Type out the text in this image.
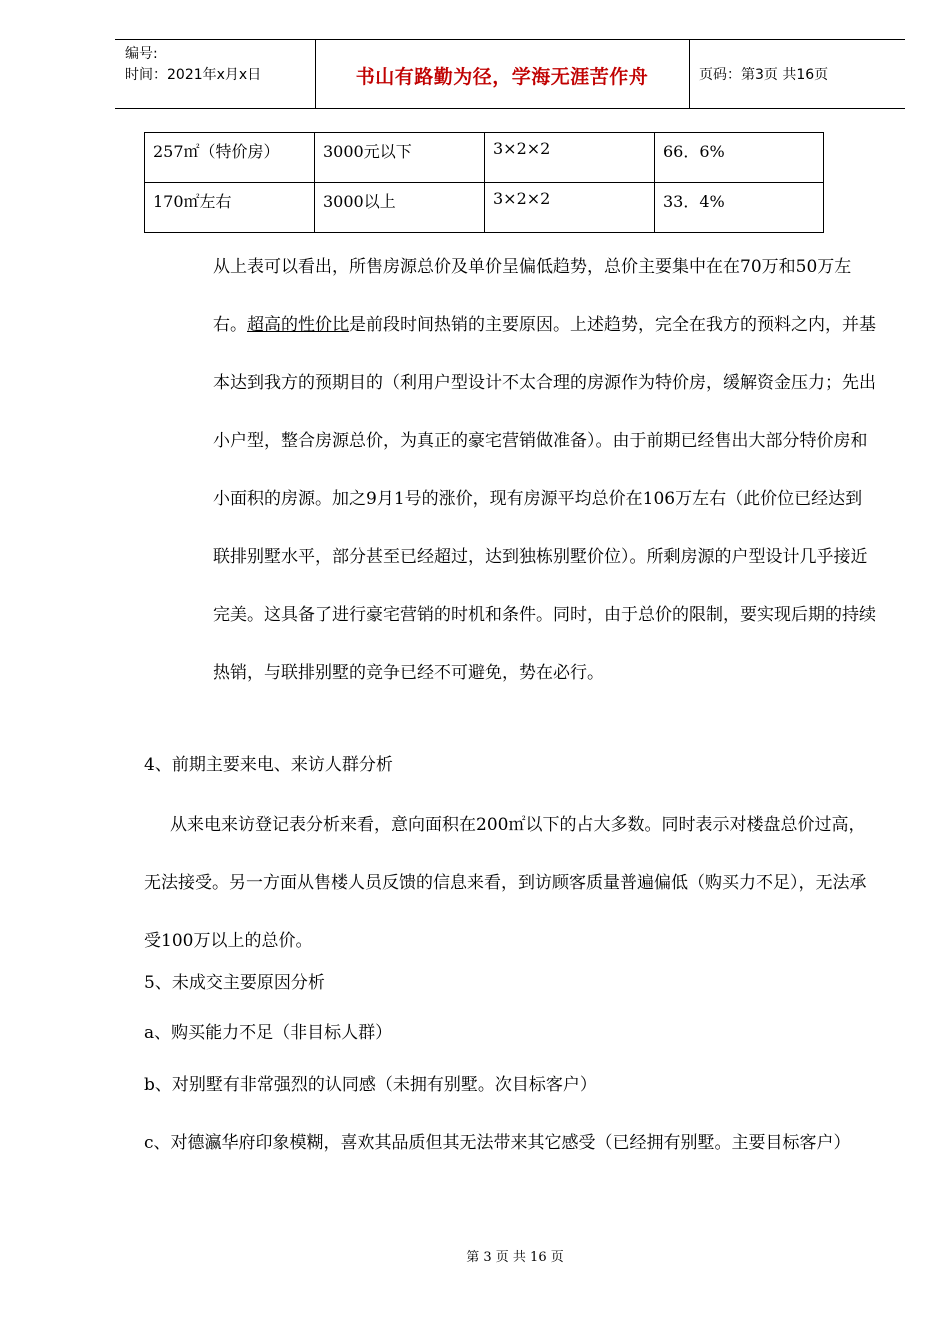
编号:
时间：2021年x月x日	书山有路勤为径，学海无涯苦作舟	页码：第3页 共16页
257㎡（特价房）	3000元以下	3×2×2	66．6%
170㎡左右	3000以上	3×2×2	33．4%

从上表可以看出，所售房源总价及单价呈偏低趋势，总价主要集中在在70万和50万左右。超高的性价比是前段时间热销的主要原因。上述趋势，完全在我方的预料之内，并基本达到我方的预期目的（利用户型设计不太合理的房源作为特价房，缓解资金压力；先出小户型，整合房源总价，为真正的豪宅营销做准备）。由于前期已经售出大部分特价房和小面积的房源。加之9月1号的涨价，现有房源平均总价在106万左右（此价位已经达到联排别墅水平，部分甚至已经超过，达到独栋别墅价位）。所剩房源的户型设计几乎接近完美。这具备了进行豪宅营销的时机和条件。同时，由于总价的限制，要实现后期的持续热销，与联排别墅的竞争已经不可避免，势在必行。

4、前期主要来电、来访人群分析

从来电来访登记表分析来看，意向面积在200㎡以下的占大多数。同时表示对楼盘总价过高，无法接受。另一方面从售楼人员反馈的信息来看，到访顾客质量普遍偏低（购买力不足），无法承受100万以上的总价。

5、未成交主要原因分析
a、购买能力不足（非目标人群）
b、对别墅有非常强烈的认同感（未拥有别墅。次目标客户）

c、对德瀛华府印象模糊，喜欢其品质但其无法带来其它感受（已经拥有别墅。主要目标客户）

第 3 页 共 16 页
